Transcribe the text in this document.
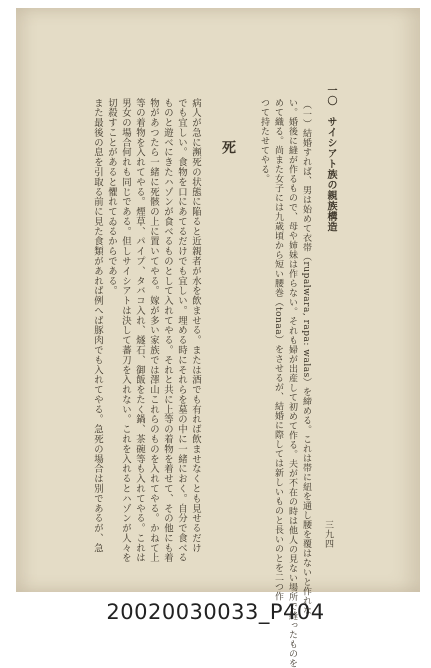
一〇　サイシアト族の親族構造
三九四
（一）結婚すれば、男は始めて衣帯（rupalwara, rapa: walas）を締める。これは帯に紐を通し腰を覆はないと作れな
い。婚後に縫が作るもので、母や姉妹は作らない。それも婦が出産して初めて作る。夫が不在の時は他人の見ない場所で縫ったものを
めて織る。尚また女子には九歳頃から短い腰巻（tonaa）をさせるが、結婚に際しては新しいものと長いのとを二つ作
つて持たせてやる。
死
病人が急に瀕死の状態に陥ると近親者が水を飲ませる。または酒でも有れば飲ませなくとも見せるだけ
でも宜しい。食物を口にあてるだけでも宜しい。埋める時にそれらを墓の中に一緒におく。自分で食べる
ものと遊べにきたハゾンが食べるものとして入れてやる。それと共に上等の着物を着せて、その他にも着
物があつたら一緒に死骸の上に置いてやる。嫁が多い家族では澤山これらのものを入れてやる。かねて上
等の着物を入れてやる。煙草、パイプ、タバコ入れ、燧石、御飯をたく鍋、茶碗等も入れてやる。これは
男女の場合何れも同じである。但しサイシアトは決して蕃刀を入れない。これを入れるとハゾンが人々を
切殺すことがあると懼れてゐるからである。
また最後の息を引取る前に見た食類があれば例へば豚肉でも入れてやる。急死の場合は別であるが、急
20020030033_P404
